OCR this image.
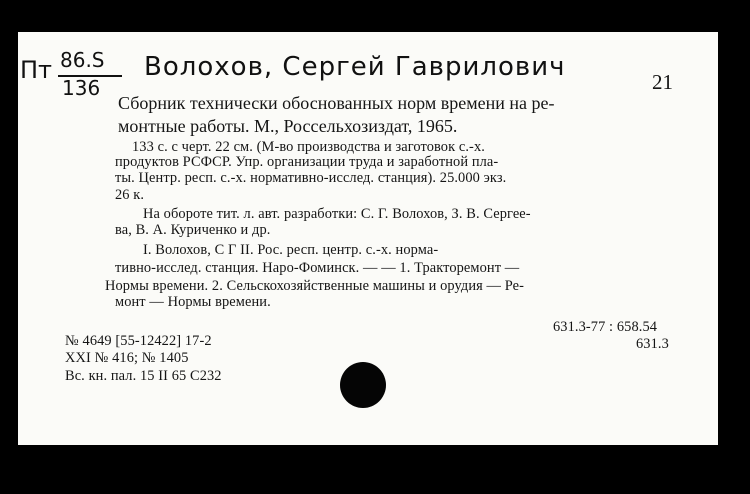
Пт 86.S
136
Волохов, Сергей Гаврилович	21
Сборник технически обоснованных норм времени на ре-
монтные работы. М., Россельхозиздат, 1965.
133 с. с черт. 22 см. (М-во производства и заготовок с.-х.
продуктов РСФСР. Упр. организации труда и заработной пла-
ты. Центр. респ. с.-х. нормативно-исслед. станция). 25.000 экз.
26 к.
На обороте тит. л. авт. разработки: С. Г. Волохов, З. В. Сергее-
ва, В. А. Куриченко и др.
I. Волохов, С Г II. Рос. респ. центр. с.-х. норма-
тивно-исслед. станция. Наро-Фоминск. — — 1. Тракторемонт —
Нормы времени. 2. Сельскохозяйственные машины и орудия — Ре-
монт — Нормы времени.
631.3-77 : 658.54
631.3
№ 4649 [55-12422] 17-2
XXI № 416; № 1405
Вс. кн. пал. 15 II 65 С232
